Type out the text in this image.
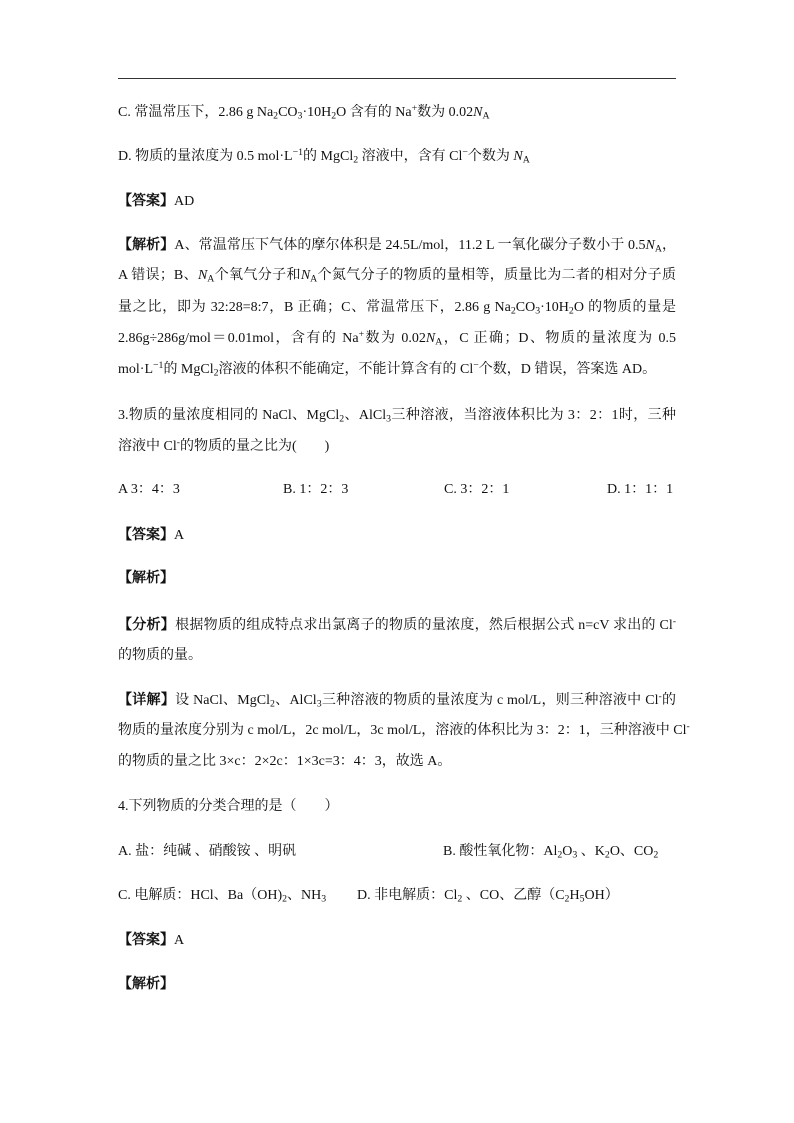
C. 常温常压下，2.86 g $Na_2CO_3\cdot 10H_2O$ 含有的 Na+数为 $0.02N_A$
D. 物质的量浓度为 0.5 $mol\cdot L^{-1}$的 MgCl$_2$ 溶液中，含有 Cl−个数为 $N_A$
【答案】AD
【解析】A、常温常压下气体的摩尔体积是 24.5L/mol，11.2 L 一氧化碳分子数小于 $0.5N_A$，
A 错误；B、$N_A$个氧气分子和$N_A$个氮气分子的物质的量相等，质量比为二者的相对分子质
量之比，即为 32:28=8:7，B 正确；C、常温常压下，2.86 g $Na_2CO_3\cdot 10H_2O$ 的物质的量是
2.86g÷286g/mol＝0.01mol，含有的 Na+数为 $0.02N_A$，C 正确；D、物质的量浓度为 0.5
$mol\cdot L^{-1}$的 MgCl$_2$溶液的体积不能确定，不能计算含有的 Cl−个数，D 错误，答案选 AD。
3.物质的量浓度相同的 NaCl、MgCl$_2$、AlCl$_3$三种溶液，当溶液体积比为 3：2：1时，三种
溶液中 Cl-的物质的量之比为(　　)
A 3：4：3	B. 1：2：3	C. 3：2：1	D. 1：1：1
【答案】A
【解析】
【分析】根据物质的组成特点求出氯离子的物质的量浓度，然后根据公式 n=cV 求出的 Cl-
的物质的量。
【详解】设 NaCl、MgCl$_2$、AlCl$_3$三种溶液的物质的量浓度为 c mol/L，则三种溶液中 Cl-的
物质的量浓度分别为 c mol/L，2c mol/L，3c mol/L，溶液的体积比为 3：2：1，三种溶液中 Cl-
的物质的量之比 3×c：2×2c：1×3c=3：4：3，故选 A。
4.下列物质的分类合理的是（　　）
A. 盐：纯碱 、硝酸铵 、明矾	B. 酸性氧化物：$Al_2O_3$ 、$K_2O$、$CO_2$
C. 电解质：HCl、$Ba(OH)_2$、$NH_3$ D. 非电解质：$Cl_2$ 、CO、乙醇$(C_2H_5OH)$
【答案】A
【解析】
